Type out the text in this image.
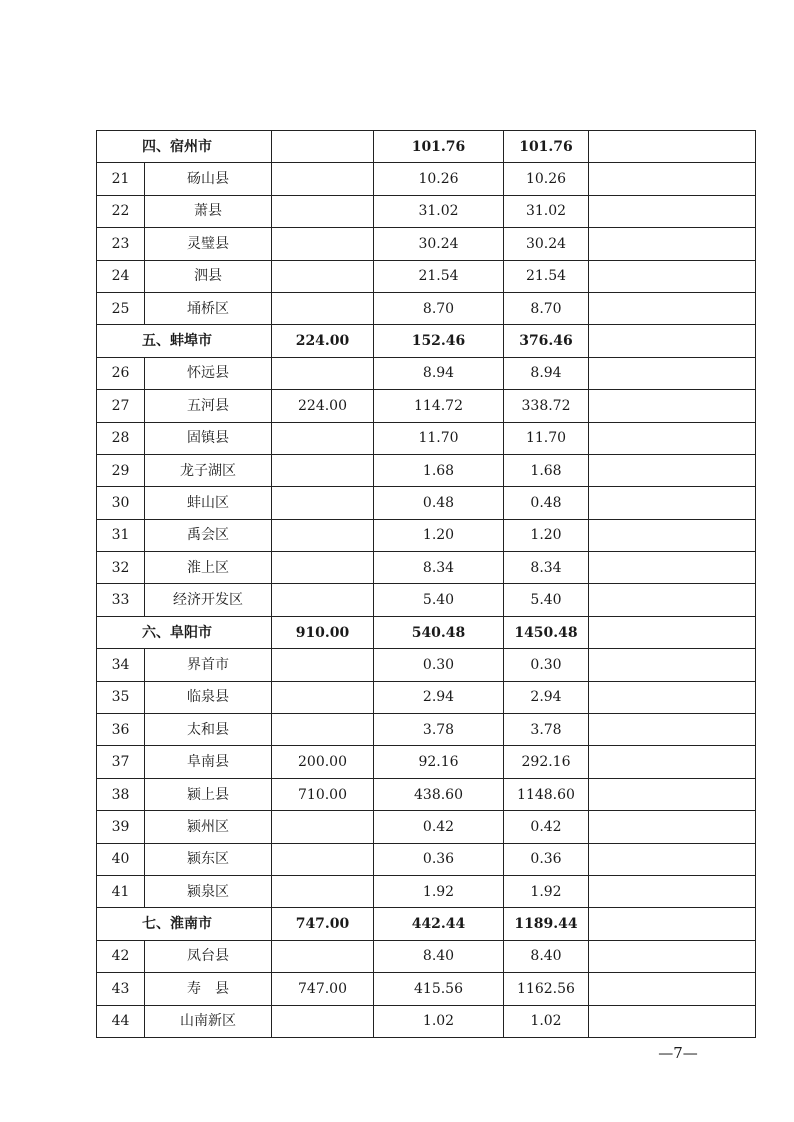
四、宿州市			101.76	101.76	
21	砀山县		10.26	10.26	
22	萧县		31.02	31.02	
23	灵璧县		30.24	30.24	
24	泗县		21.54	21.54	
25	埇桥区		8.70	8.70	
五、蚌埠市		224.00	152.46	376.46	
26	怀远县		8.94	8.94	
27	五河县	224.00	114.72	338.72	
28	固镇县		11.70	11.70	
29	龙子湖区		1.68	1.68	
30	蚌山区		0.48	0.48	
31	禹会区		1.20	1.20	
32	淮上区		8.34	8.34	
33	经济开发区		5.40	5.40	
六、阜阳市		910.00	540.48	1450.48	
34	界首市		0.30	0.30	
35	临泉县		2.94	2.94	
36	太和县		3.78	3.78	
37	阜南县	200.00	92.16	292.16	
38	颍上县	710.00	438.60	1148.60	
39	颍州区		0.42	0.42	
40	颍东区		0.36	0.36	
41	颍泉区		1.92	1.92	
七、淮南市		747.00	442.44	1189.44	
42	凤台县		8.40	8.40	
43	寿　县	747.00	415.56	1162.56	
44	山南新区		1.02	1.02	
—7—
